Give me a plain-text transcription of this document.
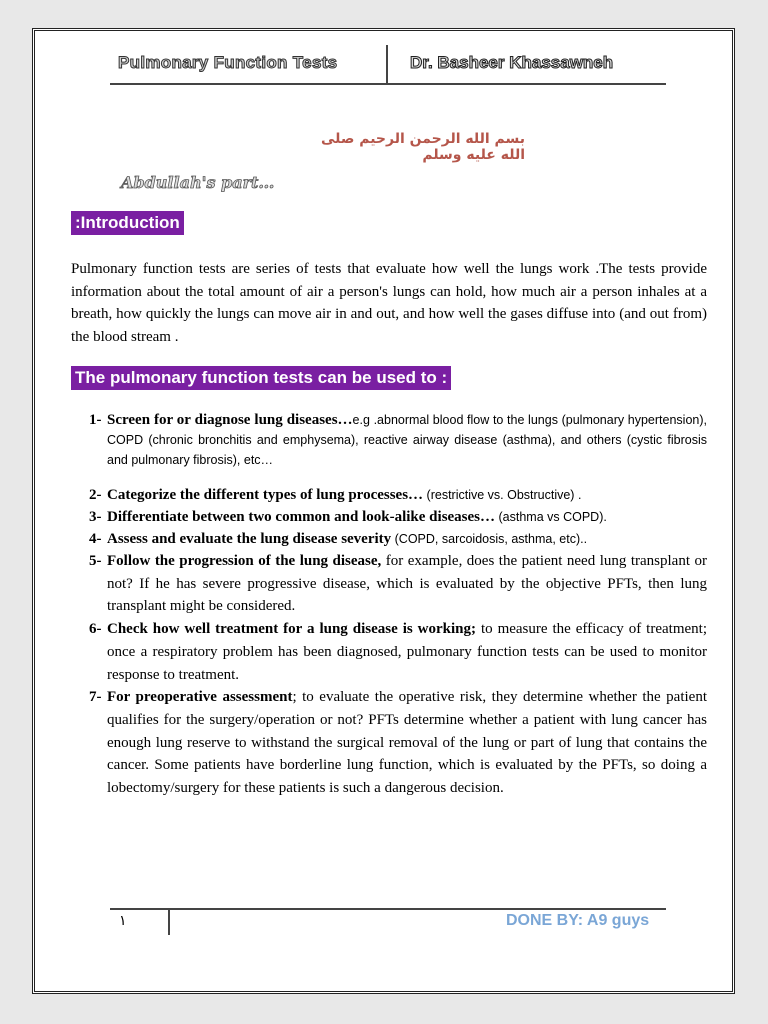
Pulmonary Function Tests	Dr. Basheer Khassawneh
بسم الله الرحمن الرحيم صلى الله عليه وسلم
Abdullah's part…
:Introduction
Pulmonary function tests are series of tests that evaluate how well the lungs work .The tests provide information about the total amount of air a person's lungs can hold, how much air a person inhales at a breath, how quickly the lungs can move air in and out, and how well the gases diffuse into (and out from) the blood stream .
The pulmonary function tests can be used to :
1- Screen for or diagnose lung diseases…e.g .abnormal blood flow to the lungs (pulmonary hypertension), COPD (chronic bronchitis and emphysema), reactive airway disease (asthma), and others (cystic fibrosis and pulmonary fibrosis), etc…
2- Categorize the different types of lung processes… (restrictive vs. Obstructive) .
3- Differentiate between two common and look-alike diseases… (asthma vs COPD).
4- Assess and evaluate the lung disease severity (COPD, sarcoidosis, asthma, etc)..
5- Follow the progression of the lung disease, for example, does the patient need lung transplant or not? If he has severe progressive disease, which is evaluated by the objective PFTs, then lung transplant might be considered.
6- Check how well treatment for a lung disease is working; to measure the efficacy of treatment; once a respiratory problem has been diagnosed, pulmonary function tests can be used to monitor response to treatment.
7- For preoperative assessment; to evaluate the operative risk, they determine whether the patient qualifies for the surgery/operation or not? PFTs determine whether a patient with lung cancer has enough lung reserve to withstand the surgical removal of the lung or part of lung that contains the cancer. Some patients have borderline lung function, which is evaluated by the PFTs, so doing a lobectomy/surgery for these patients is such a dangerous decision.
١	DONE BY: A9 guys
